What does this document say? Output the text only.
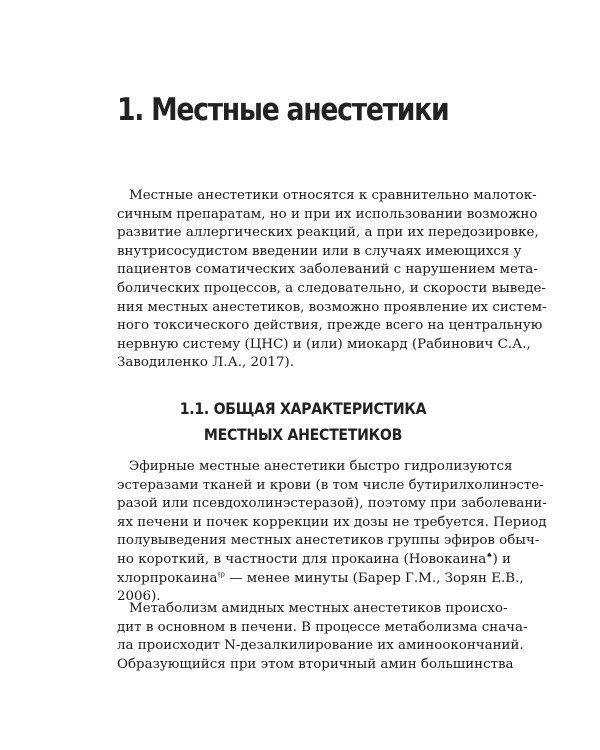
1. Местные анестетики
Местные анестетики относятся к сравнительно малоток-
сичным препаратам, но и при их использовании возможно
развитие аллергических реакций, а при их передозировке,
внутрисосудистом введении или в случаях имеющихся у
пациентов соматических заболеваний с нарушением мета-
болических процессов, а следовательно, и скорости выведе-
ния местных анестетиков, возможно проявление их систем-
ного токсического действия, прежде всего на центральную
нервную систему (ЦНС) и (или) миокард (Рабинович С.А.,
Заводиленко Л.А., 2017).
1.1. ОБЩАЯ ХАРАКТЕРИСТИКА
МЕСТНЫХ АНЕСТЕТИКОВ
Эфирные местные анестетики быстро гидролизуются
эстеразами тканей и крови (в том числе бутирилхолинэсте-
разой или псевдохолинэстеразой), поэтому при заболевани-
ях печени и почек коррекции их дозы не требуется. Период
полувыведения местных анестетиков группы эфиров обыч-
но короткий, в частности для прокаина (Новокаина♠) и
хлорпрокаина$^{\ell\rho}$ — менее минуты (Барер Г.М., Зорян Е.В.,
2006).
Метаболизм амидных местных анестетиков происхо-
дит в основном в печени. В процессе метаболизма снача-
ла происходит N-дезалкилирование их аминоокончаний.
Образующийся при этом вторичный амин большинства
